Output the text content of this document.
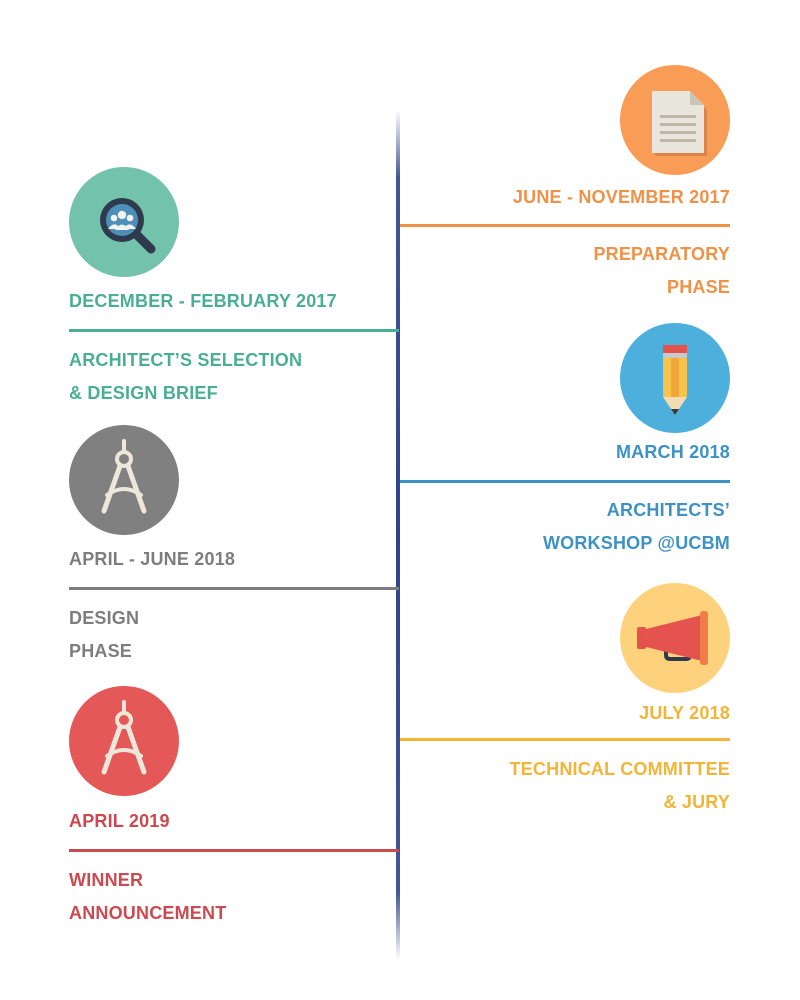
JUNE - NOVEMBER 2017
PREPARATORY
PHASE
DECEMBER - FEBRUARY 2017
ARCHITECT’S SELECTION
& DESIGN BRIEF
MARCH 2018
ARCHITECTS’
WORKSHOP @UCBM
APRIL - JUNE 2018
DESIGN
PHASE
JULY 2018
TECHNICAL COMMITTEE
& JURY
APRIL 2019
WINNER
ANNOUNCEMENT
